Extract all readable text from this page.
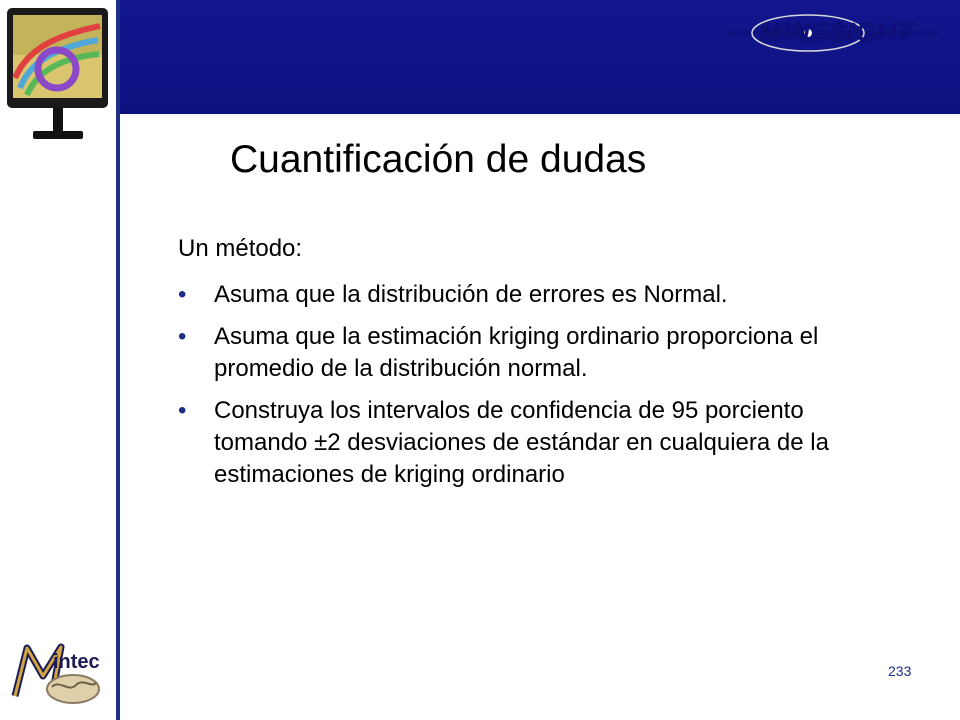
MINESIGHT
Cuantificación de dudas

Un método:

• Asuma que la distribución de errores es Normal.
• Asuma que la estimación kriging ordinario proporciona el promedio de la distribución normal.
• Construya los intervalos de confidencia de 95 porciento tomando ±2 desviaciones de estándar en cualquiera de la estimaciones de kriging ordinario
233
intec
